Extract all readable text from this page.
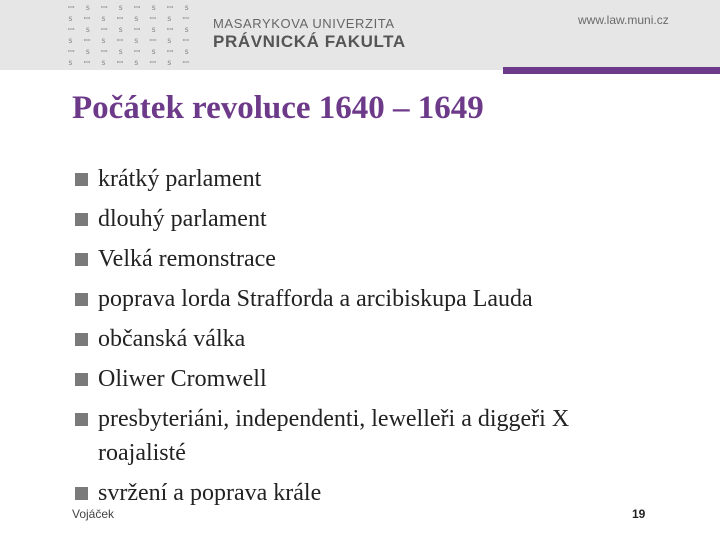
ꟷ s ꟷ s ꟷ s ꟷ s
s ꟷ s ꟷ s ꟷ s ꟷ
ꟷ s ꟷ s ꟷ s ꟷ s
s ꟷ s ꟷ s ꟷ s ꟷ
ꟷ s ꟷ s ꟷ s ꟷ s
s ꟷ s ꟷ s ꟷ s ꟷ
MASARYKOVA UNIVERZITA
PRÁVNICKÁ FAKULTA
www.law.muni.cz
Počátek revoluce 1640 – 1649
krátký parlament
dlouhý parlament
Velká remonstrace
poprava lorda Strafforda a arcibiskupa Lauda
občanská válka
Oliwer Cromwell
presbyteriáni, independenti, lewelleři a diggeři X
roajalisté
svržení a poprava krále
Vojáček	19
